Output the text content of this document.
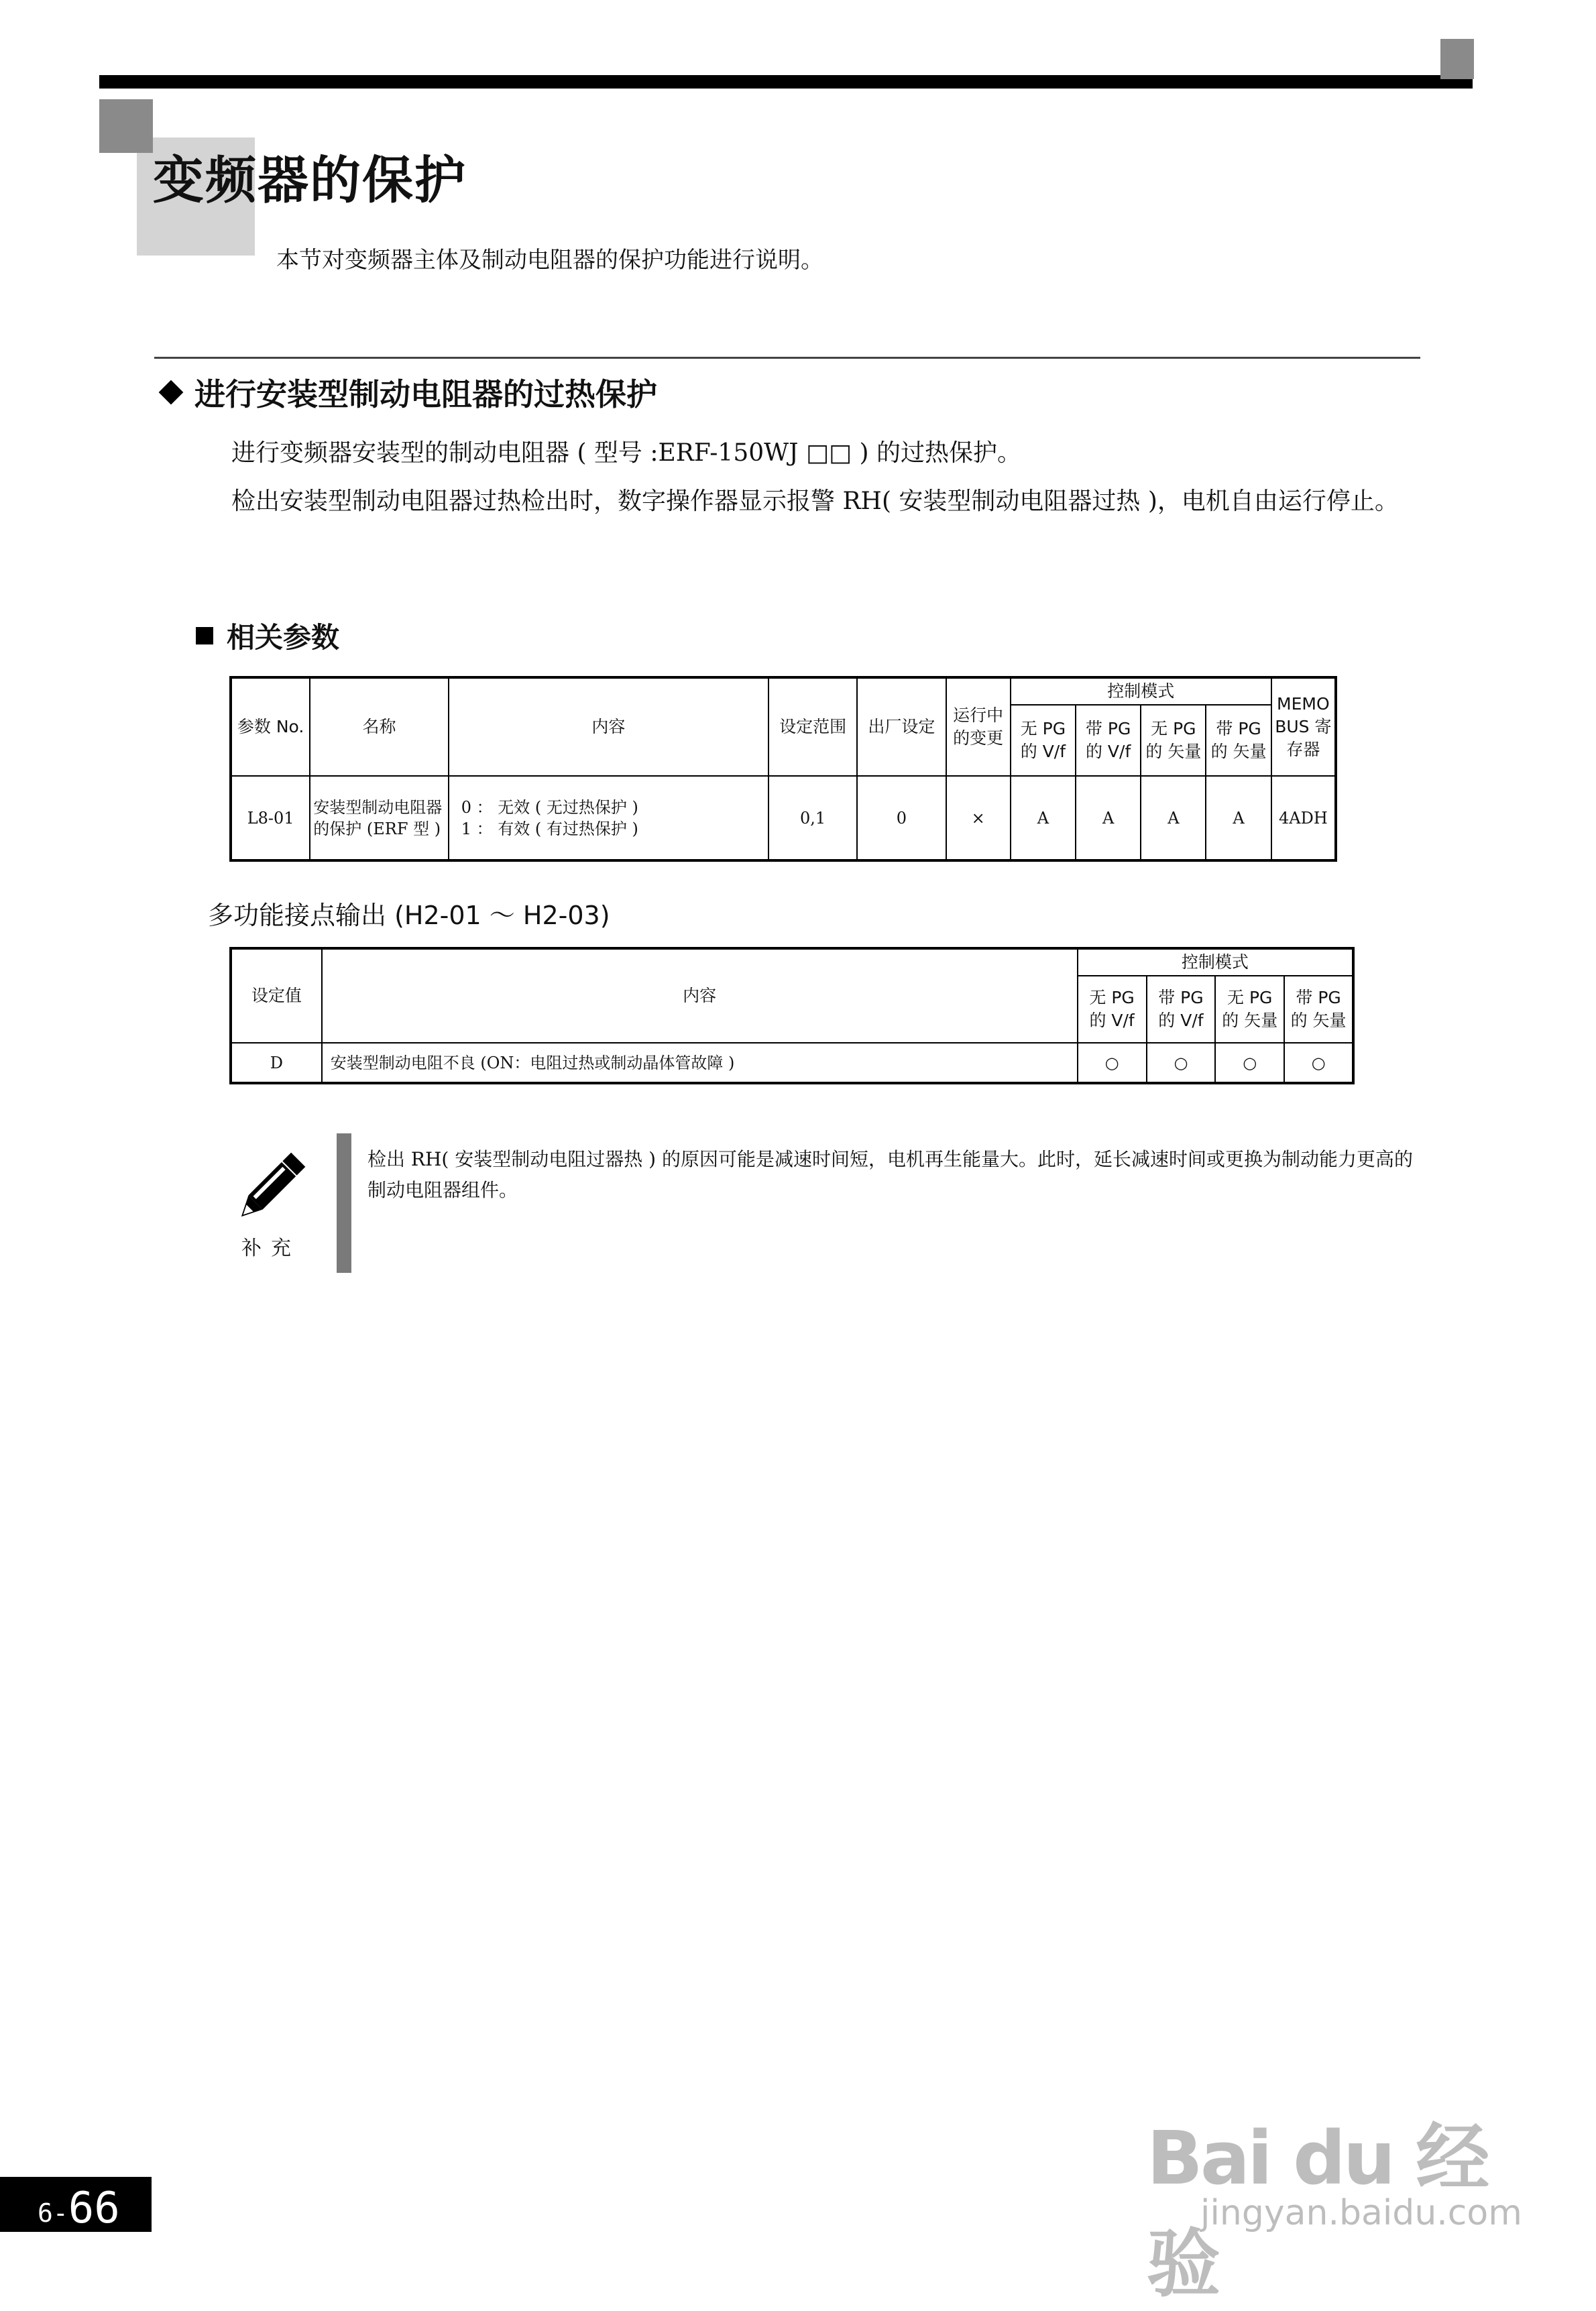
变频器的保护
本节对变频器主体及制动电阻器的保护功能进行说明。
进行安装型制动电阻器的过热保护
进行变频器安装型的制动电阻器 ( 型号 :ERF-150WJ □□ ) 的过热保护。
检出安装型制动电阻器过热检出时，数字操作器显示报警 RH( 安装型制动电阻器过热 )，电机自由运行停止。
相关参数
参数 No.	名称	内容	设定范围	出厂设定	运行中的变更	控制模式				MEMO BUS 寄存器
						无 PG 的 V/f	带 PG 的 V/f	无 PG 的 矢量	带 PG 的 矢量	
L8-01	安装型制动电阻器的保护 (ERF 型 )	0 ： 无效 ( 无过热保护 )
1 ： 有效 ( 有过热保护 )	0,1	0	×	A	A	A	A	4ADH
多功能接点输出 (H2-01 ～ H2-03)
设定值	内容	控制模式			
		无 PG 的 V/f	带 PG 的 V/f	无 PG 的 矢量	带 PG 的 矢量
D	安装型制动电阻不良 (ON：电阻过热或制动晶体管故障 )	○	○	○	○
补充
检出 RH( 安装型制动电阻过器热 ) 的原因可能是减速时间短，电机再生能量大。此时，延长减速时间或更换为制动能力更高的制动电阻器组件。
Bai du 经验
jingyan.baidu.com
6- 66
